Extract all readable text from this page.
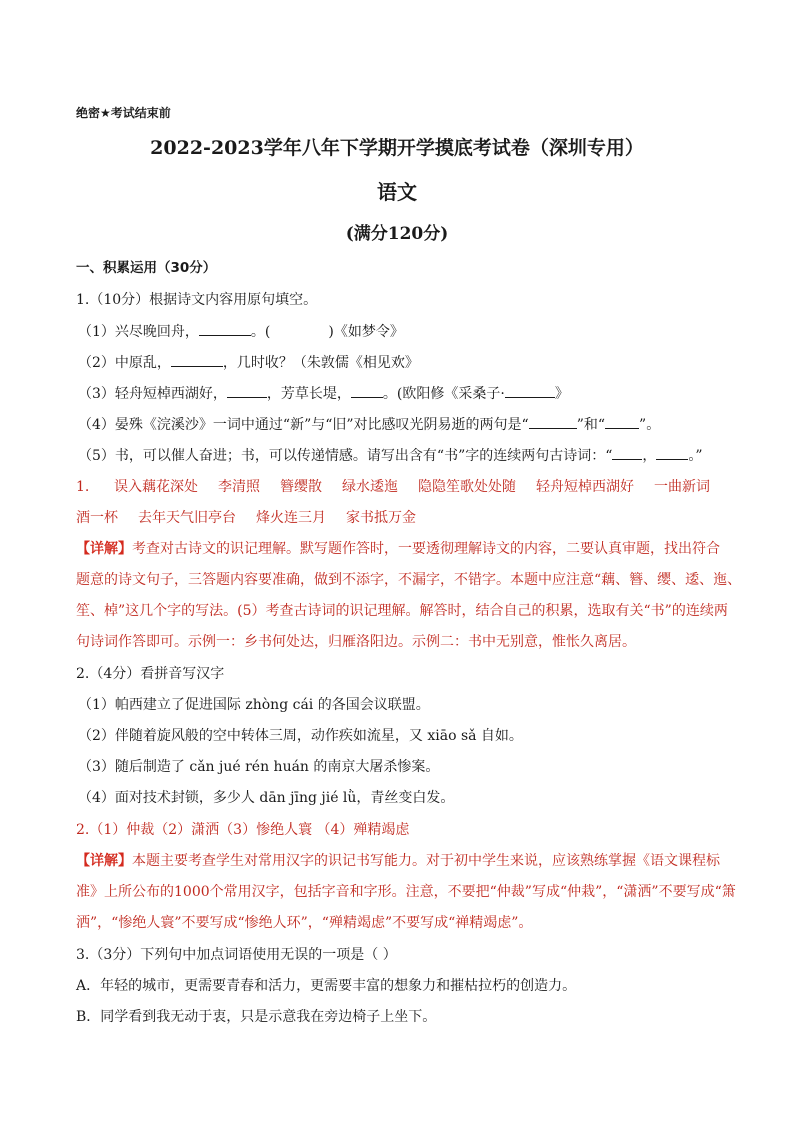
绝密★考试结束前
2022-2023学年八年下学期开学摸底考试卷（深圳专用）
语文
(满分120分)
一、积累运用（30分）
1.（10分）根据诗文内容用原句填空。
（1）兴尽晚回舟，	。(	)《如梦令》
（2）中原乱，	，几时收？（朱敦儒《相见欢》
（3）轻舟短棹西湖好，	，芳草长堤， 。(欧阳修《采桑子·	》
（4）晏殊《浣溪沙》一词中通过“新”与“旧”对比感叹光阴易逝的两句是“	”和“ ”。
（5）书，可以催人奋进；书，可以传递情感。请写出含有“书”字的连续两句古诗词：“ ， 。”
1. 误入藕花深处 李清照 簪缨散 绿水逶迤 隐隐笙歌处处随 轻舟短棹西湖好 一曲新词
酒一杯 去年天气旧亭台 烽火连三月 家书抵万金
【详解】考查对古诗文的识记理解。默写题作答时，一要透彻理解诗文的内容，二要认真审题，找出符合
题意的诗文句子，三答题内容要准确，做到不添字，不漏字，不错字。本题中应注意“藕、簪、缨、逶、迤、
笙、棹”这几个字的写法。(5）考查古诗词的识记理解。解答时，结合自己的积累，选取有关“书”的连续两
句诗词作答即可。示例一：乡书何处达，归雁洛阳边。示例二：书中无别意，惟怅久离居。
2.（4分）看拼音写汉字
（1）帕西建立了促进国际 zhòng cái 的各国会议联盟。
（2）伴随着旋风般的空中转体三周，动作疾如流星，又 xiāo sǎ 自如。
（3）随后制造了 cǎn jué rén huán 的南京大屠杀惨案。
（4）面对技术封锁，多少人 dān jīng jié lǜ，青丝变白发。
2.（1）仲裁（2）潇洒（3）惨绝人寰 （4）殚精竭虑
【详解】本题主要考查学生对常用汉字的识记书写能力。对于初中学生来说，应该熟练掌握《语文课程标
准》上所公布的1000个常用汉字，包括字音和字形。注意，不要把“仲裁”写成“仲栽”，“潇洒”不要写成“箫
洒”，“惨绝人寰”不要写成“惨绝人环”，“殚精竭虑”不要写成“禅精竭虑”。
3.（3分）下列句中加点词语使用无误的一项是（ ）
A．年轻的城市，更需要青春和活力，更需要丰富的想象力和摧枯拉朽的创造力。
B．同学看到我无动于衷，只是示意我在旁边椅子上坐下。
